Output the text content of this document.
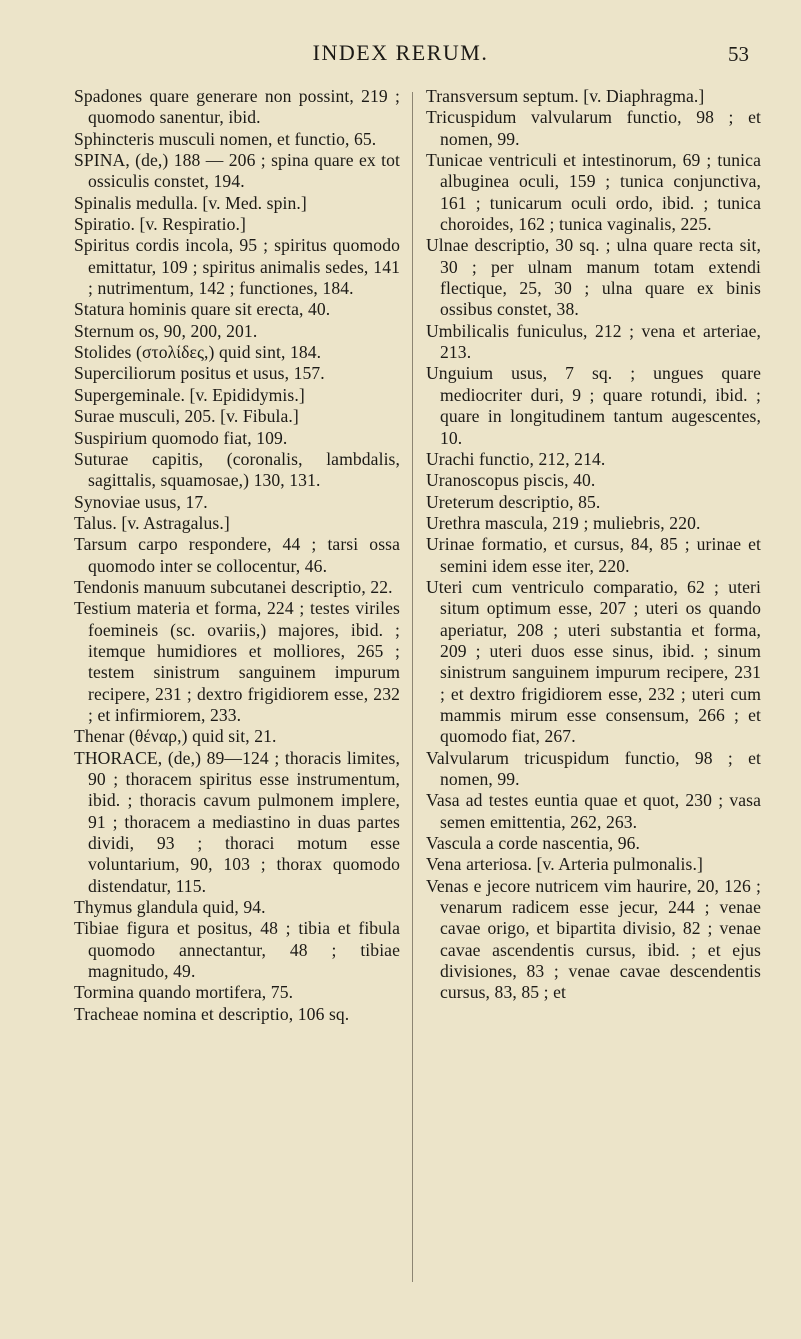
INDEX RERUM.	53

Spadones quare generare non possint, 219 ; quomodo sanentur, ibid.

Sphincteris musculi nomen, et functio, 65.

SPINA, (de,) 188 — 206 ; spina quare ex tot ossiculis constet, 194.

Spinalis medulla. [v. Med. spin.]

Spiratio. [v. Respiratio.]

Spiritus cordis incola, 95 ; spiritus quomodo emittatur, 109 ; spiritus animalis sedes, 141 ; nutrimentum, 142 ; functiones, 184.

Statura hominis quare sit erecta, 40.

Sternum os, 90, 200, 201.

Stolides (στολίδες,) quid sint, 184.

Superciliorum positus et usus, 157.

Supergeminale. [v. Epididymis.]

Surae musculi, 205. [v. Fibula.]

Suspirium quomodo fiat, 109.

Suturae capitis, (coronalis, lambdalis, sagittalis, squamosae,) 130, 131.

Synoviae usus, 17.

Talus. [v. Astragalus.]

Tarsum carpo respondere, 44 ; tarsi ossa quomodo inter se collocentur, 46.

Tendonis manuum subcutanei descriptio, 22.

Testium materia et forma, 224 ; testes viriles foemineis (sc. ovariis,) majores, ibid. ; itemque humidiores et molliores, 265 ; testem sinistrum sanguinem impurum recipere, 231 ; dextro frigidiorem esse, 232 ; et infirmiorem, 233.

Thenar (θέναρ,) quid sit, 21.

THORACE, (de,) 89—124 ; thoracis limites, 90 ; thoracem spiritus esse instrumentum, ibid. ; thoracis cavum pulmonem implere, 91 ; thoracem a mediastino in duas partes dividi, 93 ; thoraci motum esse voluntarium, 90, 103 ; thorax quomodo distendatur, 115.

Thymus glandula quid, 94.

Tibiae figura et positus, 48 ; tibia et fibula quomodo annectantur, 48 ; tibiae magnitudo, 49.

Tormina quando mortifera, 75.

Tracheae nomina et descriptio, 106 sq.

Transversum septum. [v. Diaphragma.]

Tricuspidum valvularum functio, 98 ; et nomen, 99.

Tunicae ventriculi et intestinorum, 69 ; tunica albuginea oculi, 159 ; tunica conjunctiva, 161 ; tunicarum oculi ordo, ibid. ; tunica choroides, 162 ; tunica vaginalis, 225.

Ulnae descriptio, 30 sq. ; ulna quare recta sit, 30 ; per ulnam manum totam extendi flectique, 25, 30 ; ulna quare ex binis ossibus constet, 38.

Umbilicalis funiculus, 212 ; vena et arteriae, 213.

Unguium usus, 7 sq. ; ungues quare mediocriter duri, 9 ; quare rotundi, ibid. ; quare in longitudinem tantum augescentes, 10.

Urachi functio, 212, 214.

Uranoscopus piscis, 40.

Ureterum descriptio, 85.

Urethra mascula, 219 ; muliebris, 220.

Urinae formatio, et cursus, 84, 85 ; urinae et semini idem esse iter, 220.

Uteri cum ventriculo comparatio, 62 ; uteri situm optimum esse, 207 ; uteri os quando aperiatur, 208 ; uteri substantia et forma, 209 ; uteri duos esse sinus, ibid. ; sinum sinistrum sanguinem impurum recipere, 231 ; et dextro frigidiorem esse, 232 ; uteri cum mammis mirum esse consensum, 266 ; et quomodo fiat, 267.

Valvularum tricuspidum functio, 98 ; et nomen, 99.

Vasa ad testes euntia quae et quot, 230 ; vasa semen emittentia, 262, 263.

Vascula a corde nascentia, 96.

Vena arteriosa. [v. Arteria pulmonalis.]

Venas e jecore nutricem vim haurire, 20, 126 ; venarum radicem esse jecur, 244 ; venae cavae origo, et bipartita divisio, 82 ; venae cavae ascendentis cursus, ibid. ; et ejus divisiones, 83 ; venae cavae descendentis cursus, 83, 85 ; et
